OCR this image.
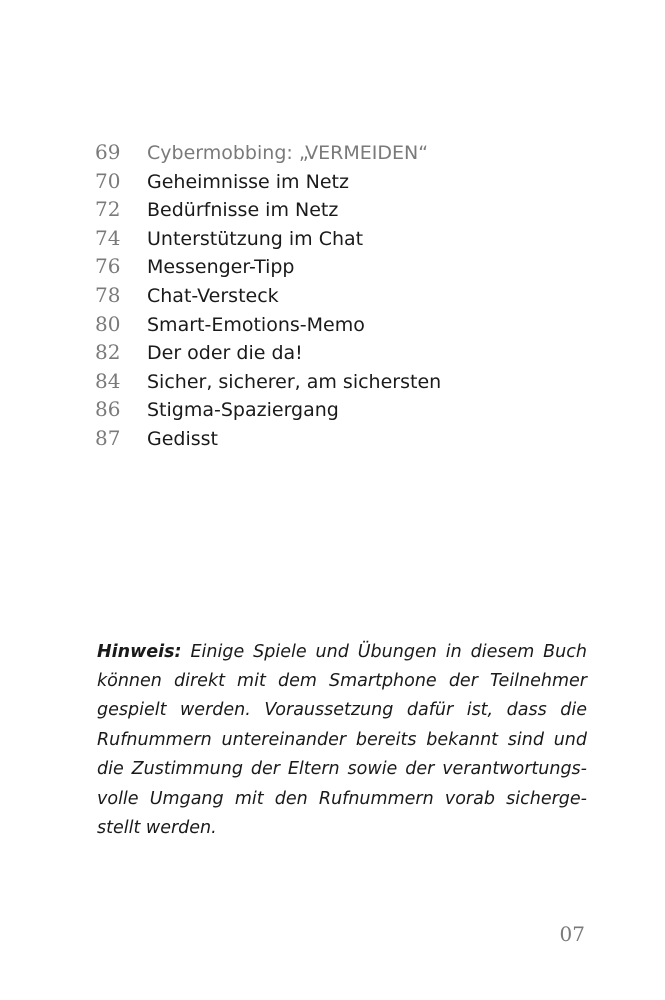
69	Cybermobbing: „VERMEIDEN“
70	Geheimnisse im Netz
72	Bedürfnisse im Netz
74	Unterstützung im Chat
76	Messenger-Tipp
78	Chat-Versteck
80	Smart-Emotions-Memo
82	Der oder die da!
84	Sicher, sicherer, am sichersten
86	Stigma-Spaziergang
87	Gedisst

Hinweis: Einige Spiele und Übungen in diesem Buch können direkt mit dem Smartphone der Teilnehmer gespielt werden. Voraussetzung dafür ist, dass die Rufnummern untereinander bereits bekannt sind und die Zustimmung der Eltern sowie der verantwortungsvolle Umgang mit den Rufnummern vorab sichergestellt werden.

07
